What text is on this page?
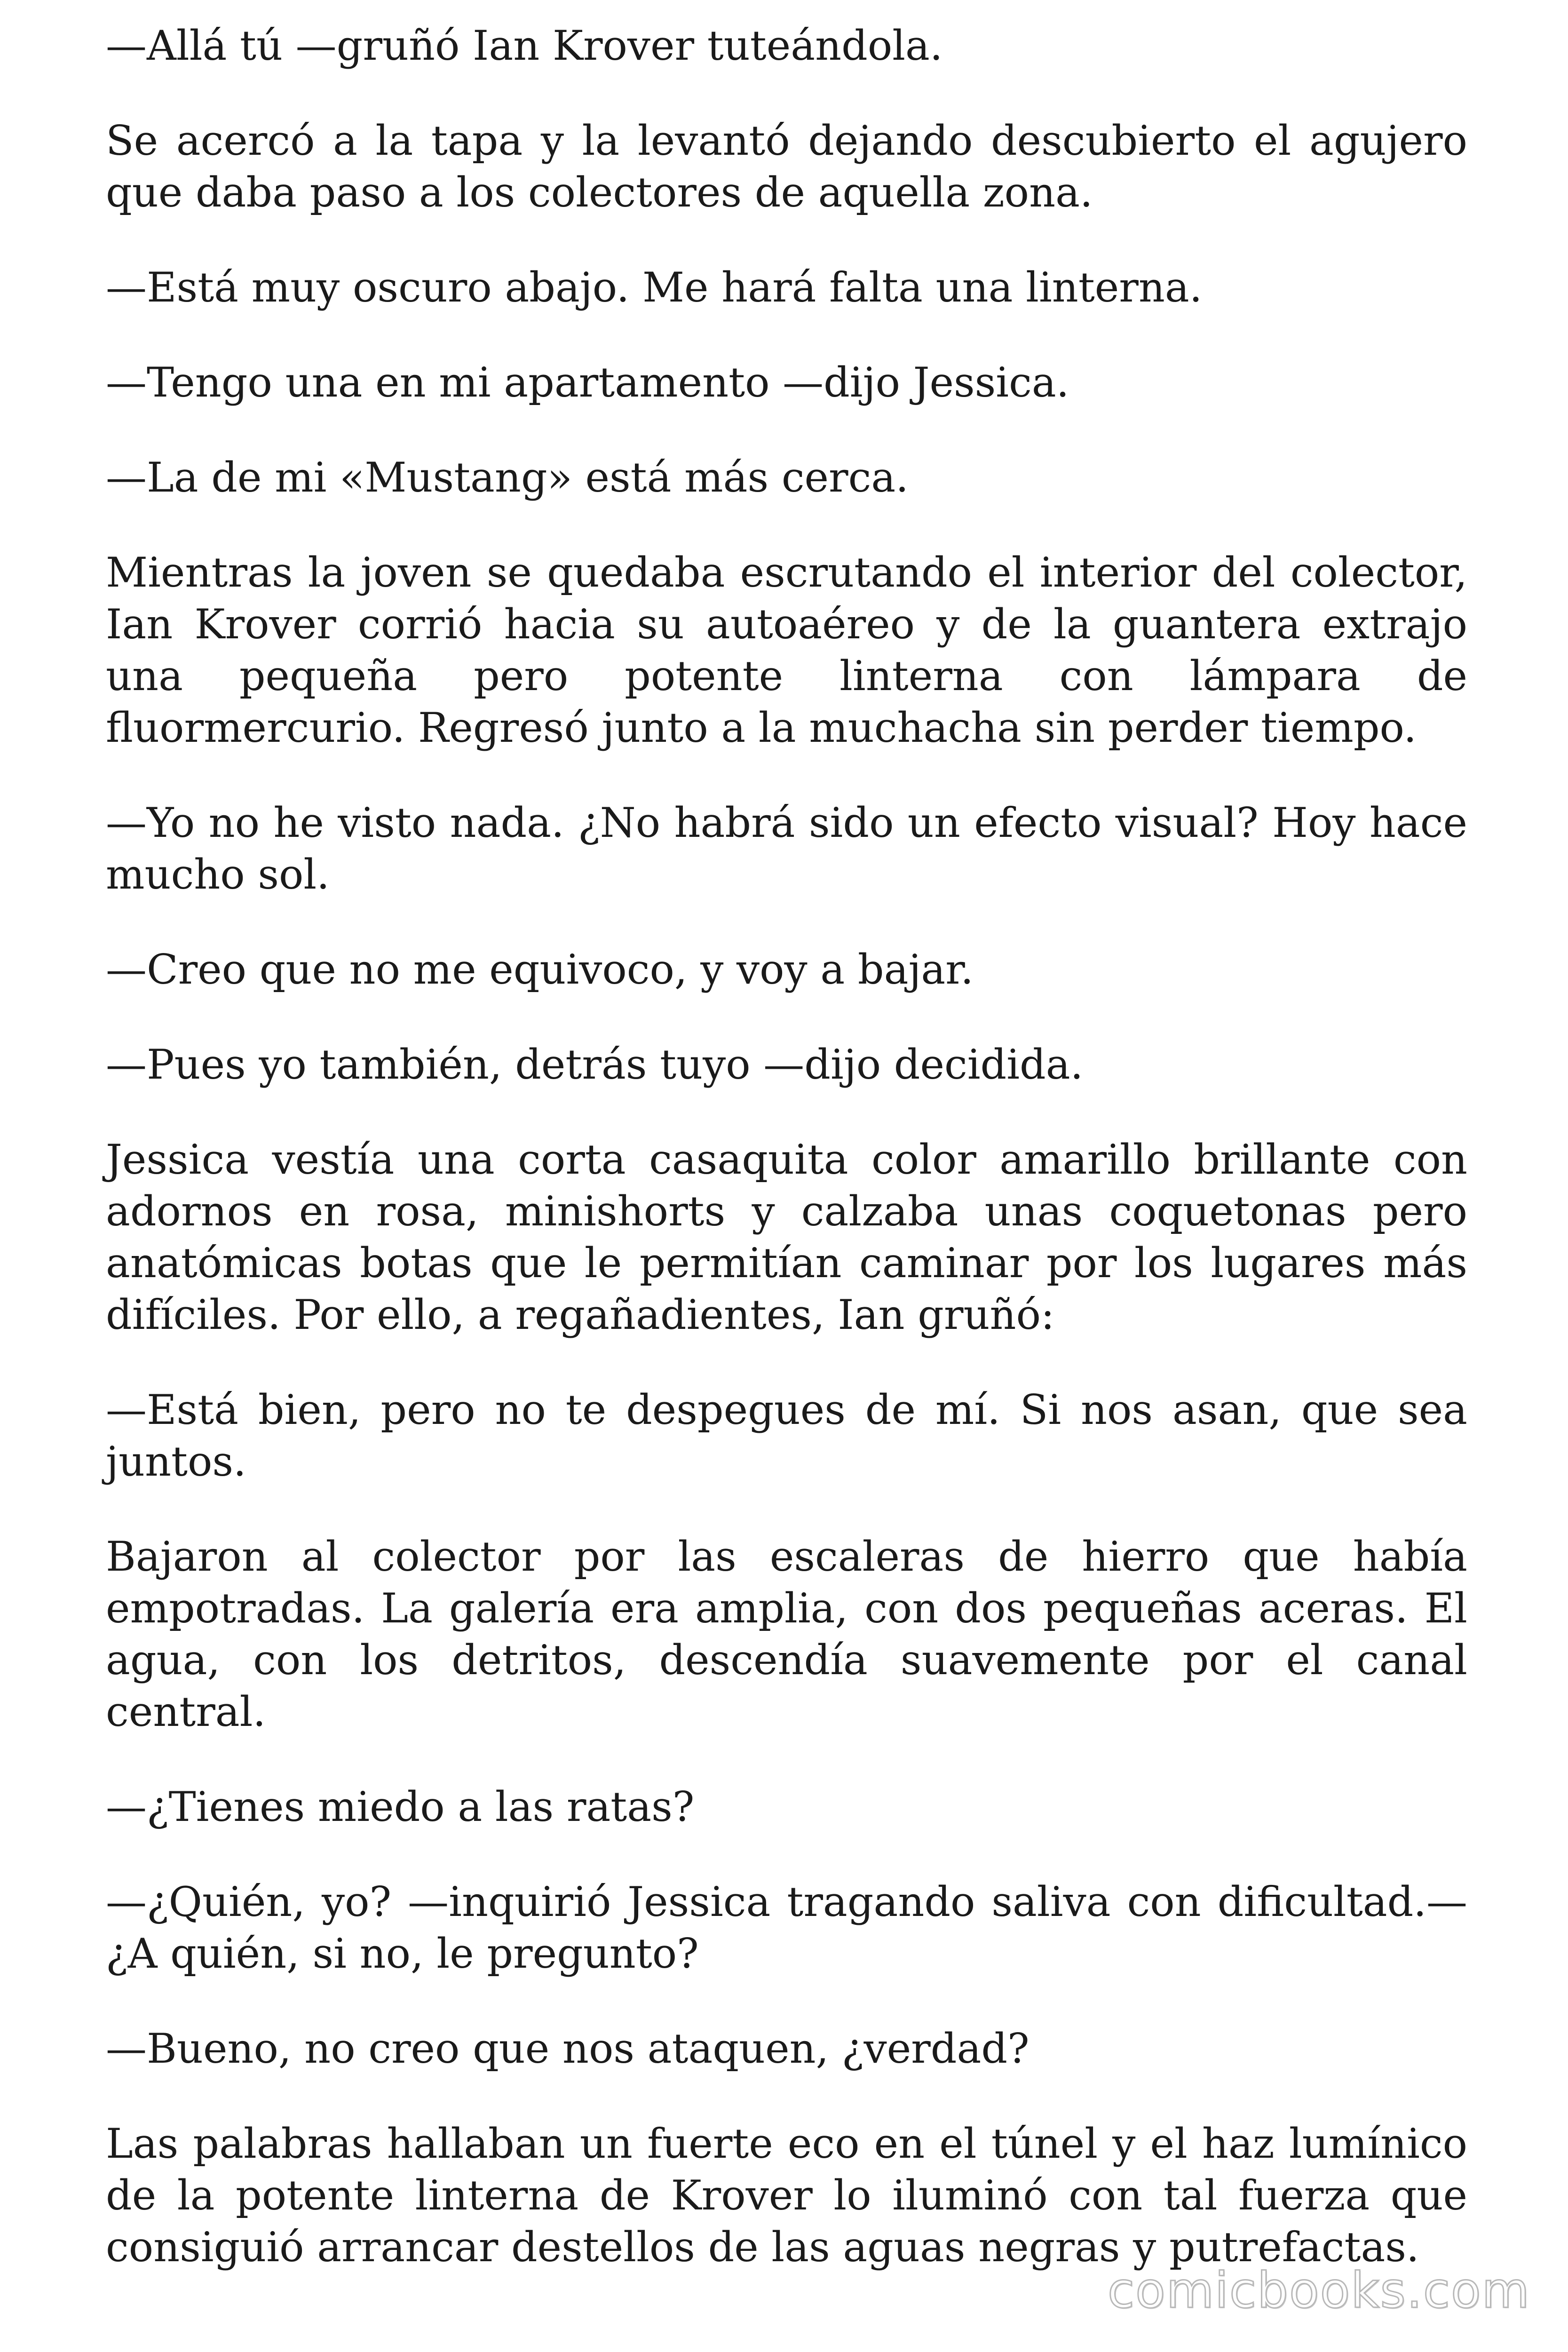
—Allá tú —gruñó Ian Krover tuteándola.

Se acercó a la tapa y la levantó dejando descubierto el agujero que daba paso a los colectores de aquella zona.

—Está muy oscuro abajo. Me hará falta una linterna.

—Tengo una en mi apartamento —dijo Jessica.

—La de mi «Mustang» está más cerca.

Mientras la joven se quedaba escrutando el interior del colector, Ian Krover corrió hacia su autoaéreo y de la guantera extrajo una pequeña pero potente linterna con lámpara de fluormercurio. Regresó junto a la muchacha sin perder tiempo.

—Yo no he visto nada. ¿No habrá sido un efecto visual? Hoy hace mucho sol.

—Creo que no me equivoco, y voy a bajar.

—Pues yo también, detrás tuyo —dijo decidida.

Jessica vestía una corta casaquita color amarillo brillante con adornos en rosa, minishorts y calzaba unas coquetonas pero anatómicas botas que le permitían caminar por los lugares más difíciles. Por ello, a regañadientes, Ian gruñó:

—Está bien, pero no te despegues de mí. Si nos asan, que sea juntos.

Bajaron al colector por las escaleras de hierro que había empotradas. La galería era amplia, con dos pequeñas aceras. El agua, con los detritos, descendía suavemente por el canal central.

—¿Tienes miedo a las ratas?

—¿Quién, yo? —inquirió Jessica tragando saliva con dificultad.—¿A quién, si no, le pregunto?

—Bueno, no creo que nos ataquen, ¿verdad?

Las palabras hallaban un fuerte eco en el túnel y el haz lumínico de la potente linterna de Krover lo iluminó con tal fuerza que consiguió arrancar destellos de las aguas negras y putrefactas.

comicbooks.com
